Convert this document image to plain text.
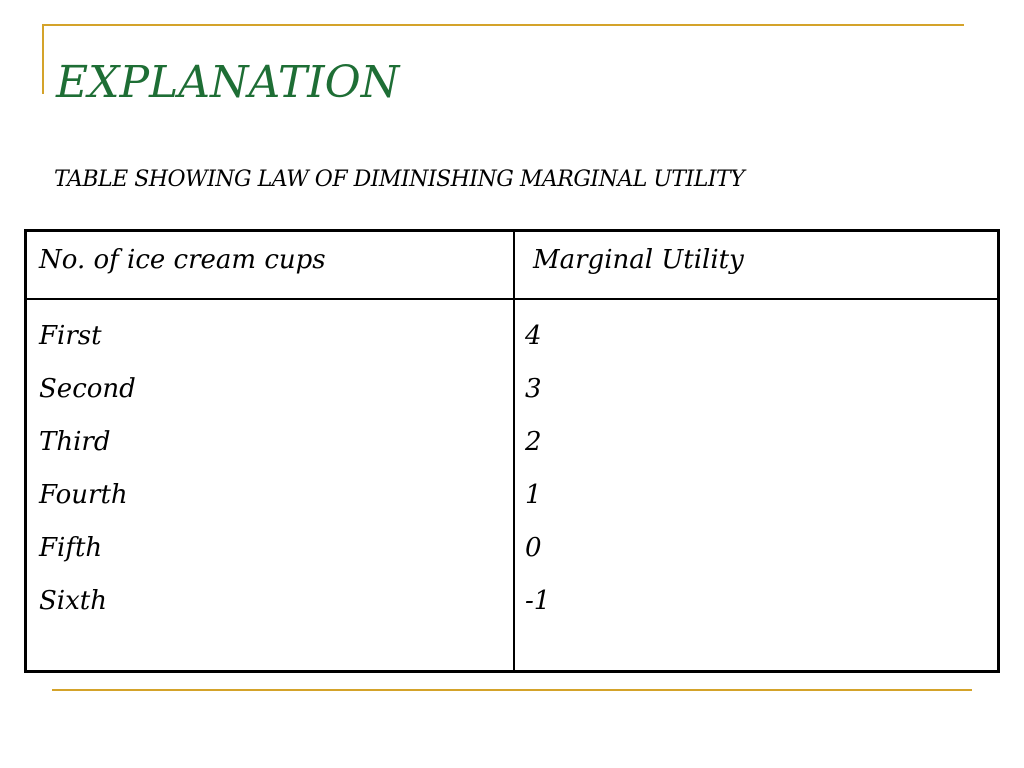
EXPLANATION

TABLE SHOWING LAW OF DIMINISHING MARGINAL UTILITY

No. of ice cream cups	Marginal Utility
First
Second
Third
Fourth
Fifth
Sixth
4
3
2
1
0
-1
